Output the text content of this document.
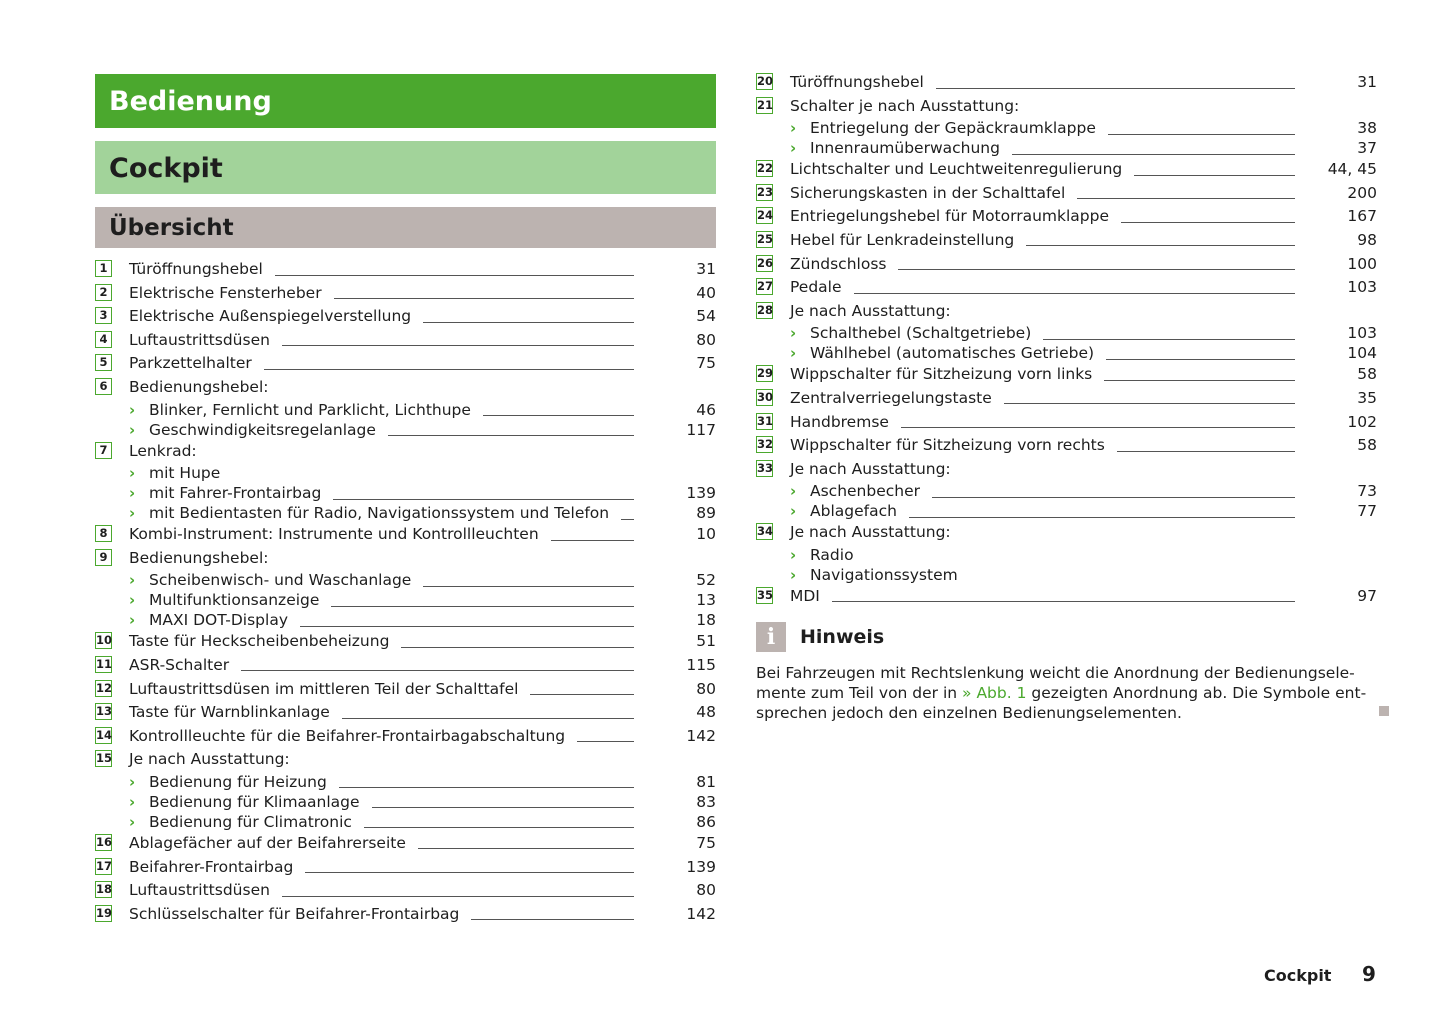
Bedienung
Cockpit
Übersicht
1 Türöffnungshebel	31
2 Elektrische Fensterheber	40
3 Elektrische Außenspiegelverstellung	54
4 Luftaustrittsdüsen	80
5 Parkzettelhalter	75
6 Bedienungshebel:
› Blinker, Fernlicht und Parklicht, Lichthupe	46
› Geschwindigkeitsregelanlage	117
7 Lenkrad:
› mit Hupe
› mit Fahrer-Frontairbag	139
› mit Bedientasten für Radio, Navigationssystem und Telefon	89
8 Kombi-Instrument: Instrumente und Kontrollleuchten	10
9 Bedienungshebel:
› Scheibenwisch- und Waschanlage	52
› Multifunktionsanzeige	13
› MAXI DOT-Display	18
10 Taste für Heckscheibenbeheizung	51
11 ASR-Schalter	115
12 Luftaustrittsdüsen im mittleren Teil der Schalttafel	80
13 Taste für Warnblinkanlage	48
14 Kontrollleuchte für die Beifahrer-Frontairbagabschaltung	142
15 Je nach Ausstattung:
› Bedienung für Heizung	81
› Bedienung für Klimaanlage	83
› Bedienung für Climatronic	86
16 Ablagefächer auf der Beifahrerseite	75
17 Beifahrer-Frontairbag	139
18 Luftaustrittsdüsen	80
19 Schlüsselschalter für Beifahrer-Frontairbag	142
20 Türöffnungshebel	31
21 Schalter je nach Ausstattung:
› Entriegelung der Gepäckraumklappe	38
› Innenraumüberwachung	37
22 Lichtschalter und Leuchtweitenregulierung	44, 45
23 Sicherungskasten in der Schalttafel	200
24 Entriegelungshebel für Motorraumklappe	167
25 Hebel für Lenkradeinstellung	98
26 Zündschloss	100
27 Pedale	103
28 Je nach Ausstattung:
› Schalthebel (Schaltgetriebe)	103
› Wählhebel (automatisches Getriebe)	104
29 Wippschalter für Sitzheizung vorn links	58
30 Zentralverriegelungstaste	35
31 Handbremse	102
32 Wippschalter für Sitzheizung vorn rechts	58
33 Je nach Ausstattung:
› Aschenbecher	73
› Ablagefach	77
34 Je nach Ausstattung:
› Radio
› Navigationssystem
35 MDI	97
i	Hinweis
Bei Fahrzeugen mit Rechtslenkung weicht die Anordnung der Bedienungsele-
mente zum Teil von der in » Abb. 1 gezeigten Anordnung ab. Die Symbole ent-
sprechen jedoch den einzelnen Bedienungselementen.
Cockpit 9
